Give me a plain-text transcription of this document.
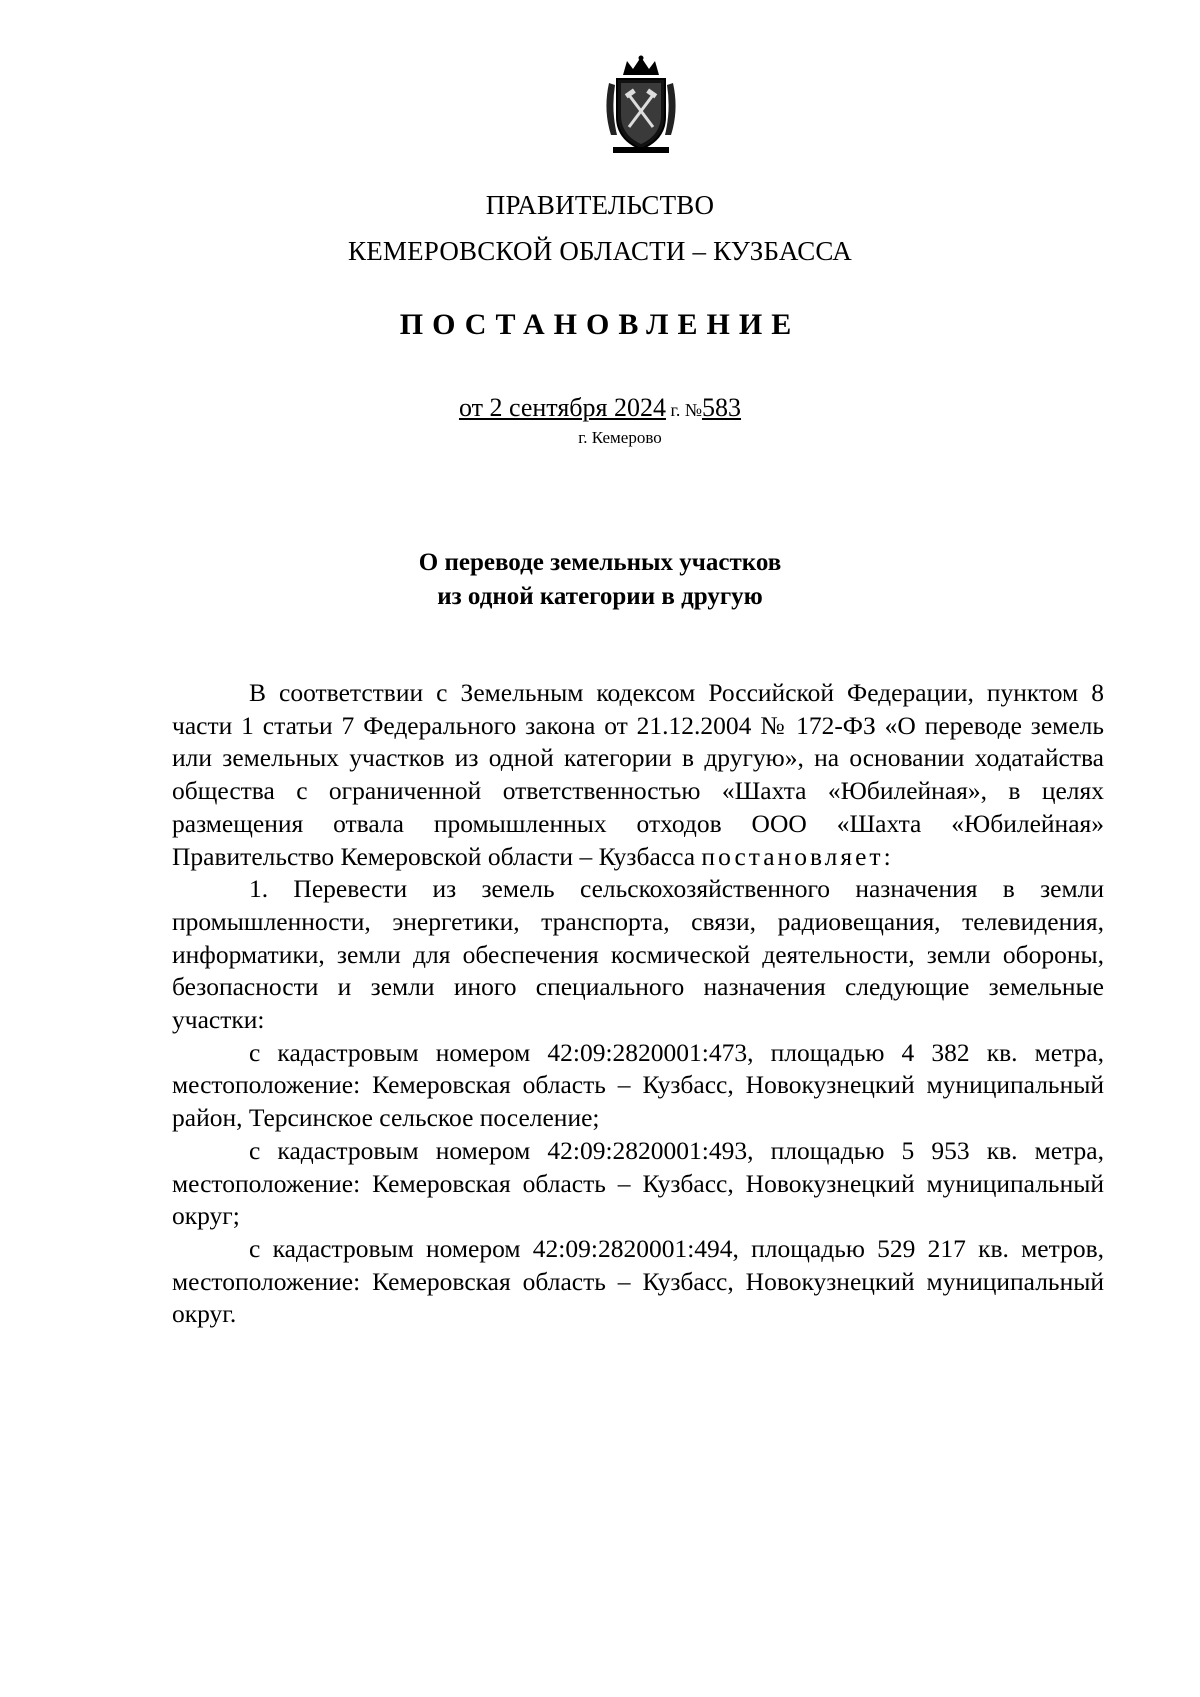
ПРАВИТЕЛЬСТВО
КЕМЕРОВСКОЙ ОБЛАСТИ – КУЗБАССА
ПОСТАНОВЛЕНИЕ
от 2 сентября 2024 г. №583
г. Кемерово
О переводе земельных участков
из одной категории в другую

В соответствии с Земельным кодексом Российской Федерации, пунктом 8 части 1 статьи 7 Федерального закона от 21.12.2004 № 172-ФЗ «О переводе земель или земельных участков из одной категории в другую», на основании ходатайства общества с ограниченной ответственностью «Шахта «Юбилейная», в целях размещения отвала промышленных отходов ООО «Шахта «Юбилейная» Правительство Кемеровской области – Кузбасса постановляет:

1. Перевести из земель сельскохозяйственного назначения в земли промышленности, энергетики, транспорта, связи, радиовещания, телевидения, информатики, земли для обеспечения космической деятельности, земли обороны, безопасности и земли иного специального назначения следующие земельные участки:

с кадастровым номером 42:09:2820001:473, площадью 4 382 кв. метра, местоположение: Кемеровская область – Кузбасс, Новокузнецкий муниципальный район, Терсинское сельское поселение;

с кадастровым номером 42:09:2820001:493, площадью 5 953 кв. метра, местоположение: Кемеровская область – Кузбасс, Новокузнецкий муниципальный округ;

с кадастровым номером 42:09:2820001:494, площадью 529 217 кв. метров, местоположение: Кемеровская область – Кузбасс, Новокузнецкий муниципальный округ.
